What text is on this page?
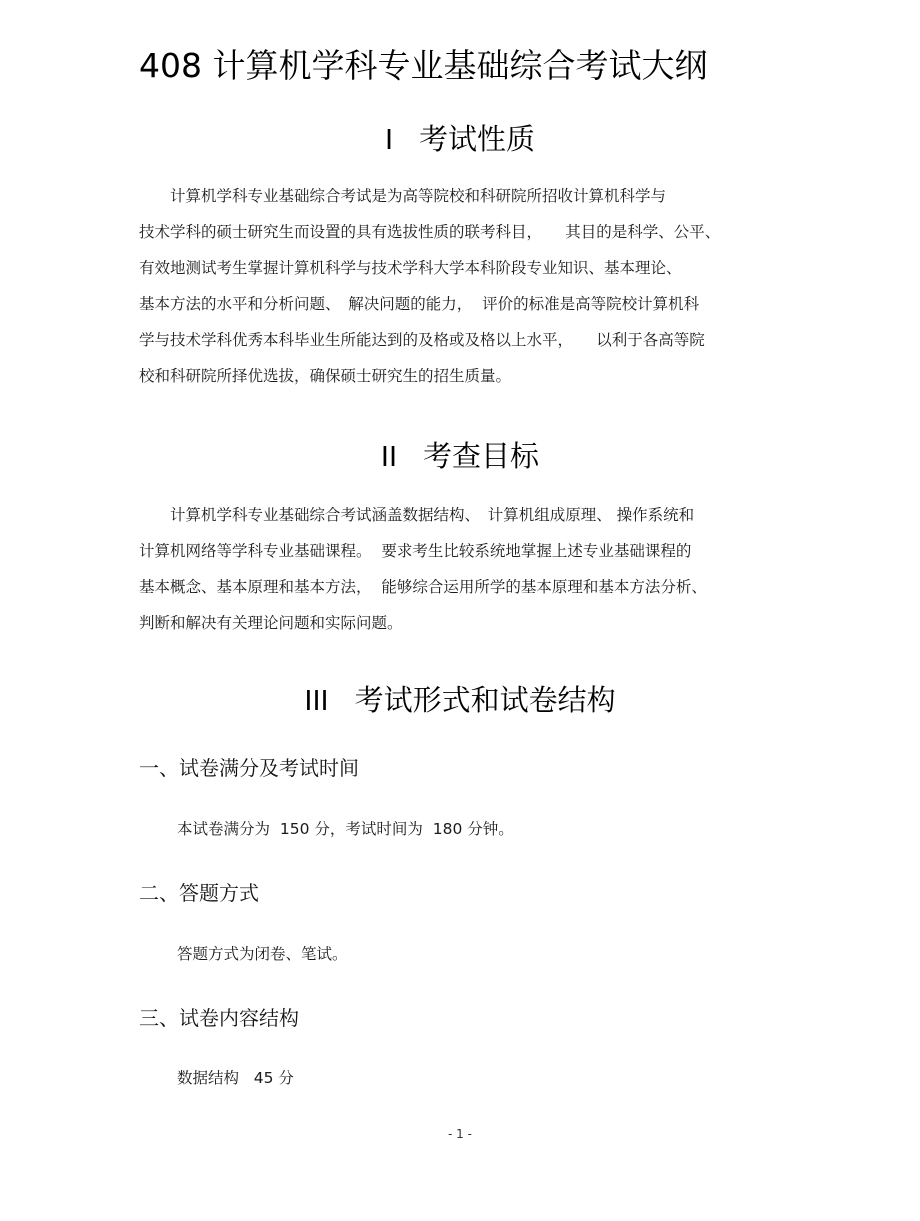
408 计算机学科专业基础综合考试大纲
I 考试性质
　　计算机学科专业基础综合考试是为高等院校和科研院所招收计算机科学与
技术学科的硕士研究生而设置的具有选拔性质的联考科目，　　其目的是科学、公平、
有效地测试考生掌握计算机科学与技术学科大学本科阶段专业知识、基本理论、
基本方法的水平和分析问题、　解决问题的能力，  评价的标准是高等院校计算机科
学与技术学科优秀本科毕业生所能达到的及格或及格以上水平，　　以利于各高等院
校和科研院所择优选拔，确保硕士研究生的招生质量。
II 考查目标
　　计算机学科专业基础综合考试涵盖数据结构、　计算机组成原理、 操作系统和
计算机网络等学科专业基础课程。  要求考生比较系统地掌握上述专业基础课程的
基本概念、基本原理和基本方法，  能够综合运用所学的基本原理和基本方法分析、
判断和解决有关理论问题和实际问题。
III 考试形式和试卷结构
一、试卷满分及考试时间
本试卷满分为  150 分，考试时间为  180 分钟。
二、答题方式
答题方式为闭卷、笔试。
三、试卷内容结构
数据结构   45 分
- 1 -
